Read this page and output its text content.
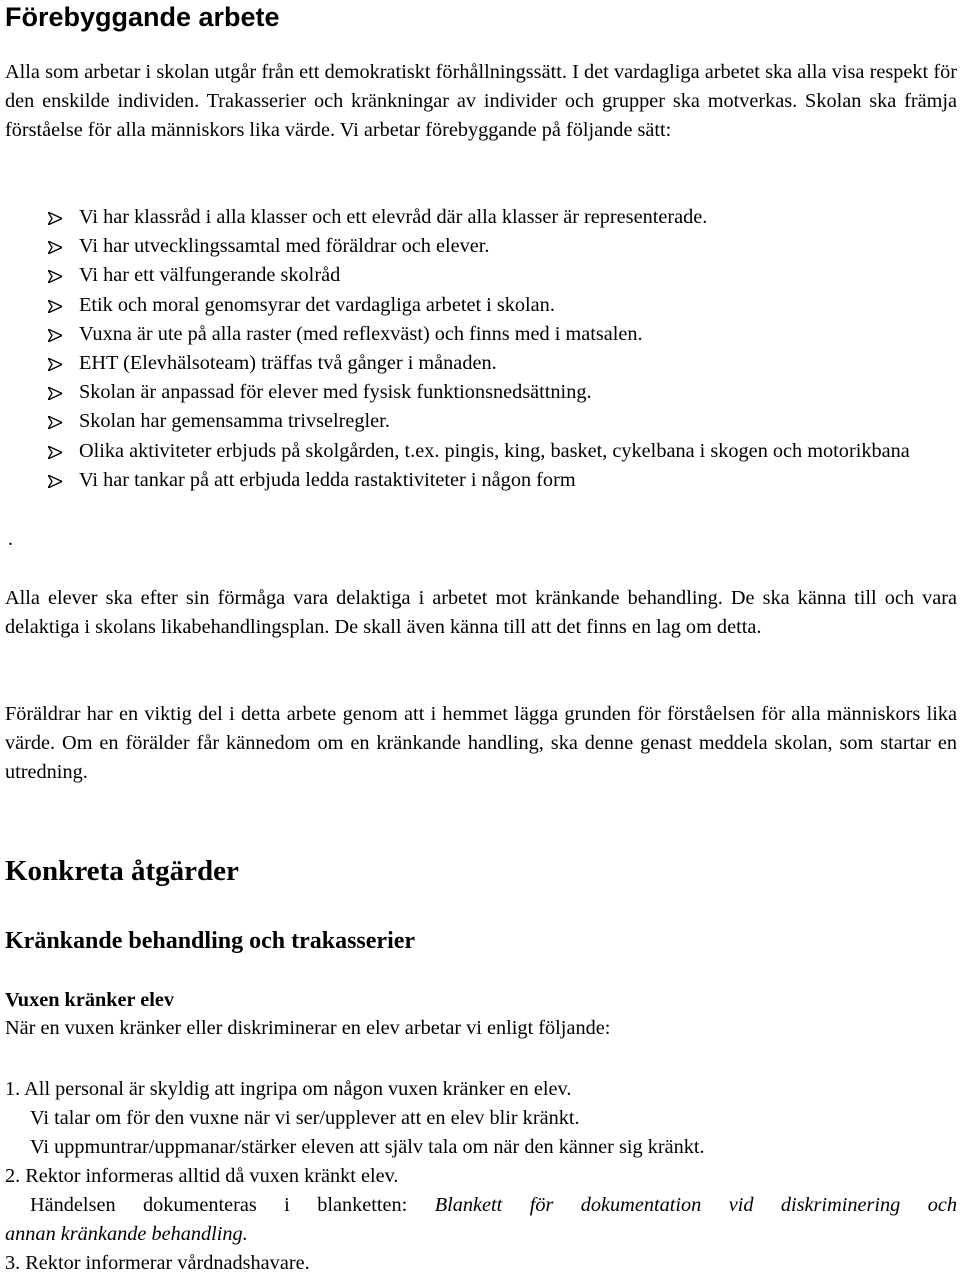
Förebyggande arbete

Alla som arbetar i skolan utgår från ett demokratiskt förhållningssätt. I det vardagliga arbetet ska alla visa respekt för den enskilde individen. Trakasserier och kränkningar av individer och grupper ska motverkas. Skolan ska främja förståelse för alla människors lika värde. Vi arbetar förebyggande på följande sätt:

Vi har klassråd i alla klasser och ett elevråd där alla klasser är representerade.
Vi har utvecklingssamtal med föräldrar och elever.
Vi har ett välfungerande skolråd
Etik och moral genomsyrar det vardagliga arbetet i skolan.
Vuxna är ute på alla raster (med reflexväst) och finns med i matsalen.
EHT (Elevhälsoteam) träffas två gånger i månaden.
Skolan är anpassad för elever med fysisk funktionsnedsättning.
Skolan har gemensamma trivselregler.
Olika aktiviteter erbjuds på skolgården, t.ex. pingis, king, basket, cykelbana i skogen och motorikbana
Vi har tankar på att erbjuda ledda rastaktiviteter i någon form
.

Alla elever ska efter sin förmåga vara delaktiga i arbetet mot kränkande behandling. De ska känna till och vara delaktiga i skolans likabehandlingsplan. De skall även känna till att det finns en lag om detta.

Föräldrar har en viktig del i detta arbete genom att i hemmet lägga grunden för förståelsen för alla människors lika värde. Om en förälder får kännedom om en kränkande handling, ska denne genast meddela skolan, som startar en utredning.

Konkreta åtgärder
Kränkande behandling och trakasserier
Vuxen kränker elev
När en vuxen kränker eller diskriminerar en elev arbetar vi enligt följande:
1. All personal är skyldig att ingripa om någon vuxen kränker en elev.
Vi talar om för den vuxne när vi ser/upplever att en elev blir kränkt.
Vi uppmuntrar/uppmanar/stärker eleven att själv tala om när den känner sig kränkt.
2. Rektor informeras alltid då vuxen kränkt elev.
Händelsen dokumenteras i blanketten: Blankett för dokumentation vid diskriminering och
annan kränkande behandling.
3. Rektor informerar vårdnadshavare.
